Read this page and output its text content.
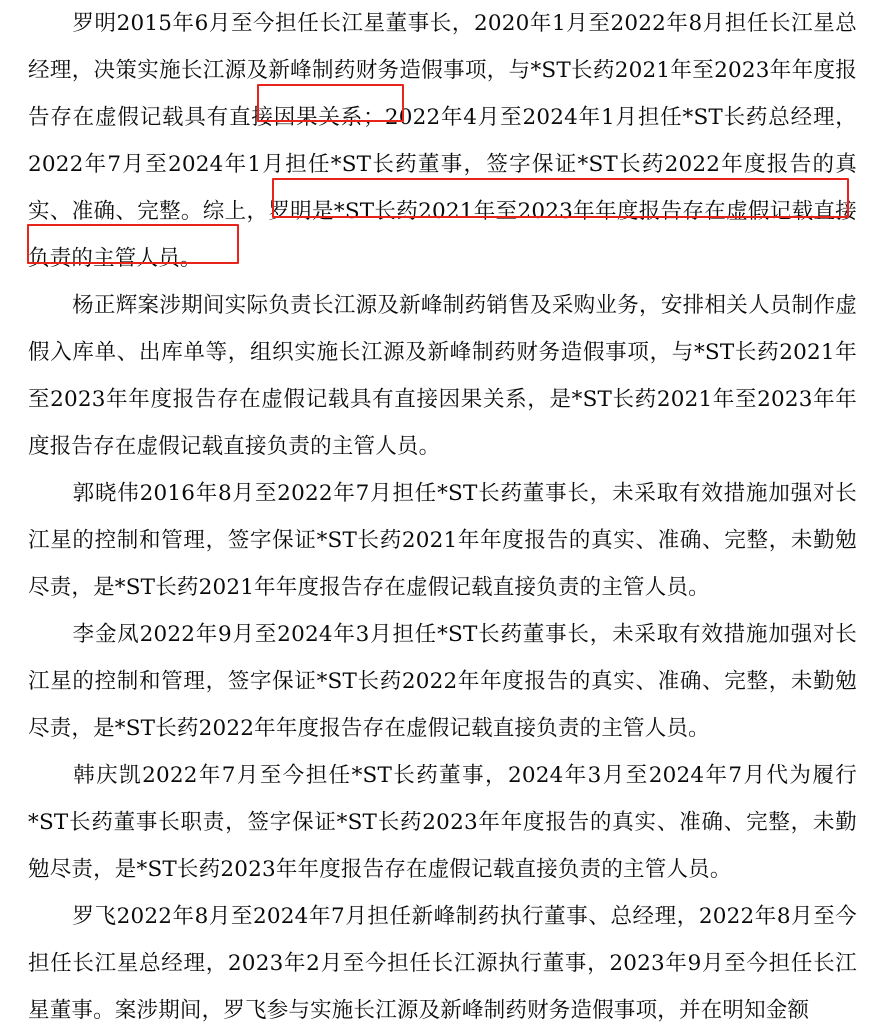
罗明2015年6月至今担任长江星董事长，2020年1月至2022年8月担任长江星总经理，决策实施长江源及新峰制药财务造假事项，与*ST长药2021年至2023年年度报告存在虚假记载具有直接因果关系；2022年4月至2024年1月担任*ST长药总经理，2022年7月至2024年1月担任*ST长药董事，签字保证*ST长药2022年度报告的真实、准确、完整。综上，罗明是*ST长药2021年至2023年年度报告存在虚假记载直接负责的主管人员。

杨正辉案涉期间实际负责长江源及新峰制药销售及采购业务，安排相关人员制作虚假入库单、出库单等，组织实施长江源及新峰制药财务造假事项，与*ST长药2021年至2023年年度报告存在虚假记载具有直接因果关系，是*ST长药2021年至2023年年度报告存在虚假记载直接负责的主管人员。

郭晓伟2016年8月至2022年7月担任*ST长药董事长，未采取有效措施加强对长江星的控制和管理，签字保证*ST长药2021年年度报告的真实、准确、完整，未勤勉尽责，是*ST长药2021年年度报告存在虚假记载直接负责的主管人员。

李金凤2022年9月至2024年3月担任*ST长药董事长，未采取有效措施加强对长江星的控制和管理，签字保证*ST长药2022年年度报告的真实、准确、完整，未勤勉尽责，是*ST长药2022年年度报告存在虚假记载直接负责的主管人员。

韩庆凯2022年7月至今担任*ST长药董事，2024年3月至2024年7月代为履行*ST长药董事长职责，签字保证*ST长药2023年年度报告的真实、准确、完整，未勤勉尽责，是*ST长药2023年年度报告存在虚假记载直接负责的主管人员。

罗飞2022年8月至2024年7月担任新峰制药执行董事、总经理，2022年8月至今担任长江星总经理，2023年2月至今担任长江源执行董事，2023年9月至今担任长江星董事。案涉期间，罗飞参与实施长江源及新峰制药财务造假事项，并在明知金额
